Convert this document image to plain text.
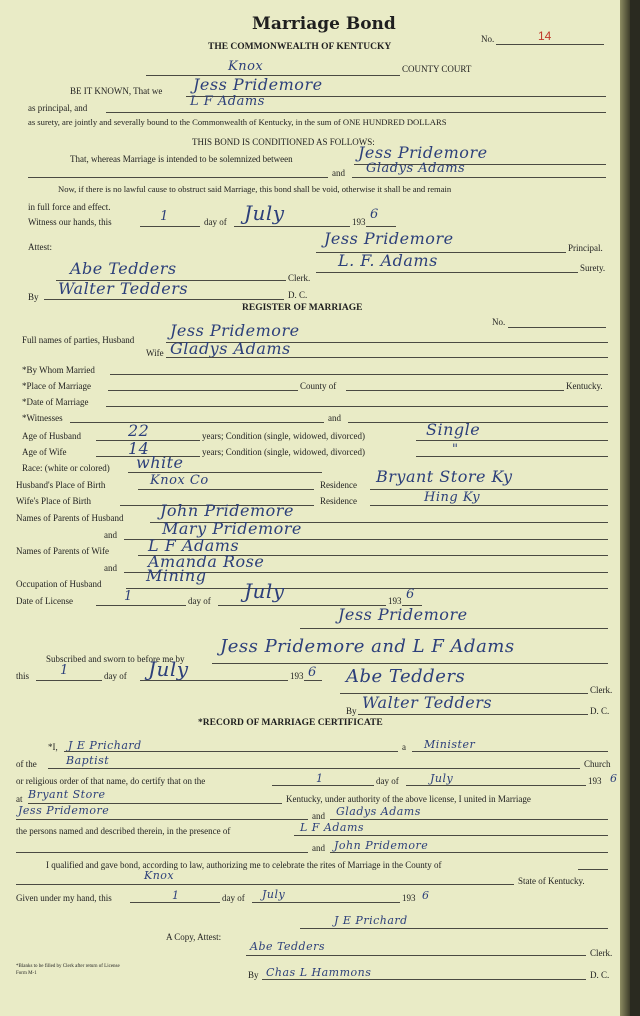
Marriage Bond
THE COMMONWEALTH OF KENTUCKY
No.	14
Knox	COUNTY COURT
BE IT KNOWN, That we Jess Pridemore
as principal, and	L F Adams
as surety, are jointly and severally bound to the Commonwealth of Kentucky, in the sum of ONE HUNDRED DOLLARS
THIS BOND IS CONDITIONED AS FOLLOWS:
That, whereas Marriage is intended to be solemnized between	Jess Pridemore
and Gladys Adams
Now, if there is no lawful cause to obstruct said Marriage, this bond shall be void, otherwise it shall be and remain
in full force and effect.
Witness our hands, this	1	day of July	193 6
Attest:	Jess Pridemore	Principal.
L. F. Adams	Surety.
Abe Tedders	Clerk.
By Walter Tedders	D. C.
REGISTER OF MARRIAGE
No.
Full names of parties, Husband Jess Pridemore
Wife Gladys Adams
*By Whom Married
*Place of Marriage	County of	Kentucky.
*Date of Marriage
*Witnesses	and
Age of Husband	22	years; Condition (single, widowed, divorced)	Single
Age of Wife	14	years; Condition (single, widowed, divorced)	"
Race: (white or colored) white
Husband's Place of Birth	Knox Co	Residence Bryant Store Ky
Wife's Place of Birth	Residence	Hing Ky
Names of Parents of Husband John Pridemore
and	Mary Pridemore
Names of Parents of Wife L F Adams
and Amanda Rose
Occupation of Husband	Mining
Date of License	1	day of July	193 6
Jess Pridemore
Subscribed and sworn to before me by
Jess Pridemore and L F Adams
this 1	day of July	193 6 Abe Tedders
Clerk.
By Walter Tedders	D. C.
*RECORD OF MARRIAGE CERTIFICATE
*I, J E Prichard	a Minister
of the	Baptist	Church
or religious order of that name, do certify that on the	1	day of	July	193 6
at Bryant Store	Kentucky, under authority of the above license, I united in Marriage
Jess Pridemore	and Gladys Adams
the persons named and described therein, in the presence of	L F Adams
and John Pridemore
I qualified and gave bond, according to law, authorizing me to celebrate the rites of Marriage in the County of
Knox	State of Kentucky.
Given under my hand, this	1	day of July	193 6
J E Prichard
A Copy, Attest:
Abe Tedders	Clerk.
By Chas L Hammons	D. C.
*Blanks to be filled by Clerk after return of License
Form M-1
